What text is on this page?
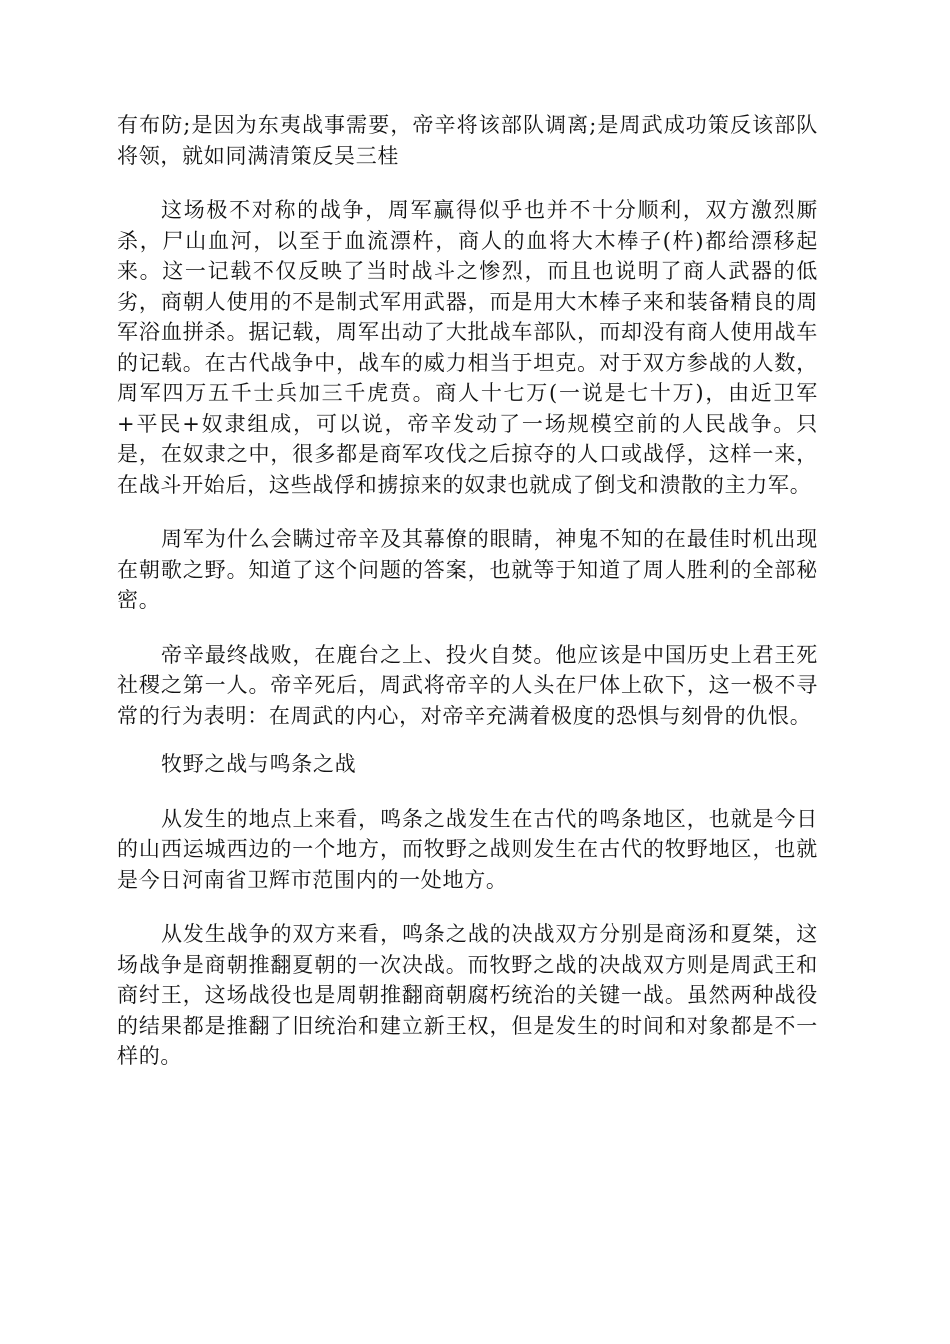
有布防;是因为东夷战事需要，帝辛将该部队调离;是周武成功策反该部队将领，就如同满清策反吴三桂

这场极不对称的战争，周军赢得似乎也并不十分顺利，双方激烈厮杀，尸山血河，以至于血流漂杵，商人的血将大木棒子(杵)都给漂移起来。这一记载不仅反映了当时战斗之惨烈，而且也说明了商人武器的低劣，商朝人使用的不是制式军用武器，而是用大木棒子来和装备精良的周军浴血拼杀。据记载，周军出动了大批战车部队，而却没有商人使用战车的记载。在古代战争中，战车的威力相当于坦克。对于双方参战的人数，周军四万五千士兵加三千虎贲。商人十七万(一说是七十万)，由近卫军+平民+奴隶组成，可以说，帝辛发动了一场规模空前的人民战争。只是，在奴隶之中，很多都是商军攻伐之后掠夺的人口或战俘，这样一来，在战斗开始后，这些战俘和掳掠来的奴隶也就成了倒戈和溃散的主力军。

周军为什么会瞒过帝辛及其幕僚的眼睛，神鬼不知的在最佳时机出现在朝歌之野。知道了这个问题的答案，也就等于知道了周人胜利的全部秘密。

帝辛最终战败，在鹿台之上、投火自焚。他应该是中国历史上君王死社稷之第一人。帝辛死后，周武将帝辛的人头在尸体上砍下，这一极不寻常的行为表明：在周武的内心，对帝辛充满着极度的恐惧与刻骨的仇恨。

牧野之战与鸣条之战

从发生的地点上来看，鸣条之战发生在古代的鸣条地区，也就是今日的山西运城西边的一个地方，而牧野之战则发生在古代的牧野地区，也就是今日河南省卫辉市范围内的一处地方。

从发生战争的双方来看，鸣条之战的决战双方分别是商汤和夏桀，这场战争是商朝推翻夏朝的一次决战。而牧野之战的决战双方则是周武王和商纣王，这场战役也是周朝推翻商朝腐朽统治的关键一战。虽然两种战役的结果都是推翻了旧统治和建立新王权，但是发生的时间和对象都是不一样的。
